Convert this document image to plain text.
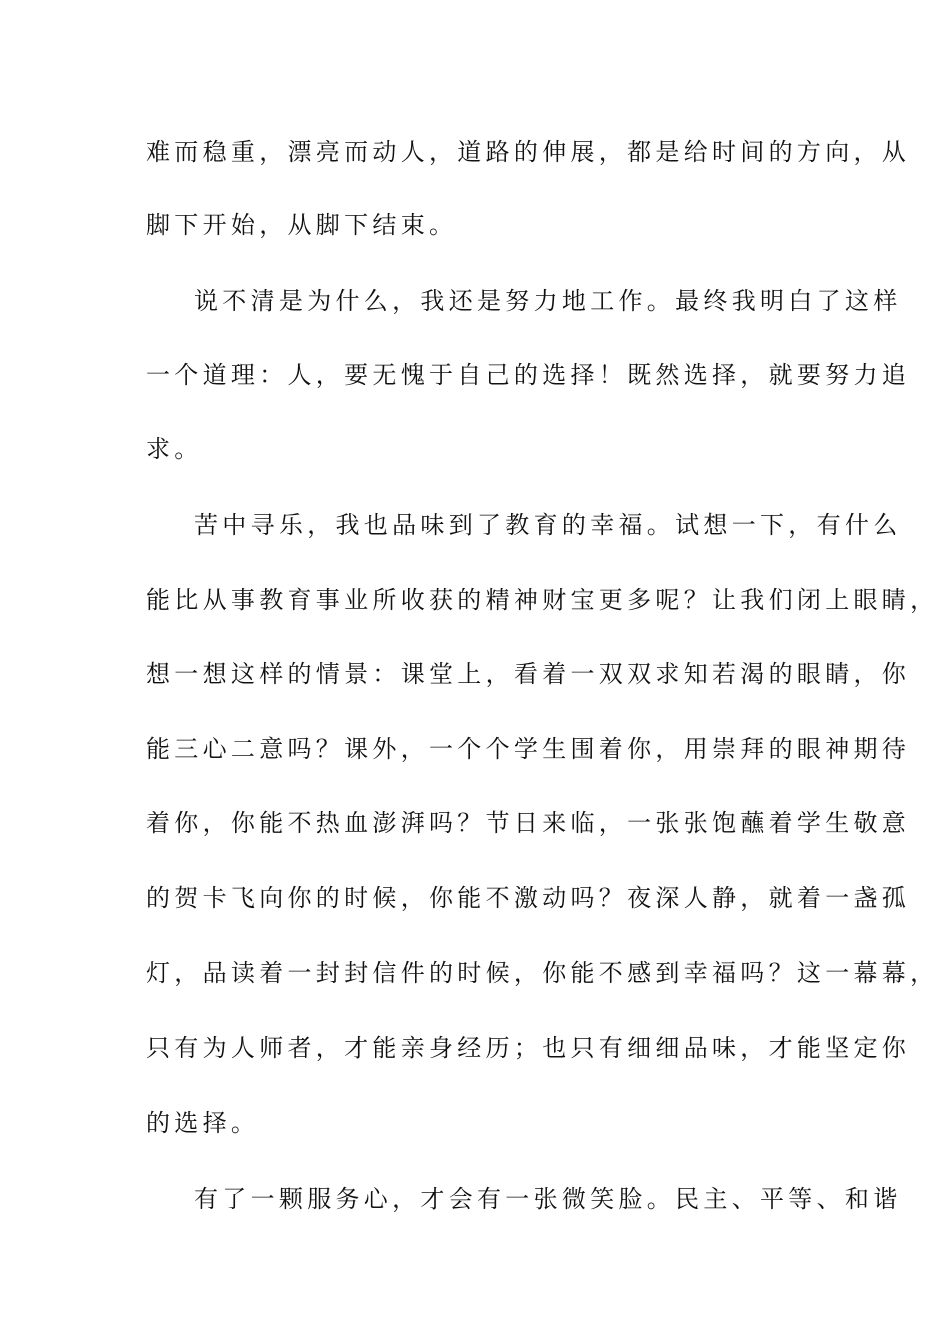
难而稳重，漂亮而动人，道路的伸展，都是给时间的方向，从
脚下开始，从脚下结束。
说不清是为什么，我还是努力地工作。最终我明白了这样
一个道理：人，要无愧于自己的选择！既然选择，就要努力追
求。
苦中寻乐，我也品味到了教育的幸福。试想一下，有什么
能比从事教育事业所收获的精神财宝更多呢？让我们闭上眼睛，
想一想这样的情景：课堂上，看着一双双求知若渴的眼睛，你
能三心二意吗？课外，一个个学生围着你，用崇拜的眼神期待
着你，你能不热血澎湃吗？节日来临，一张张饱蘸着学生敬意
的贺卡飞向你的时候，你能不激动吗？夜深人静，就着一盏孤
灯，品读着一封封信件的时候，你能不感到幸福吗？这一幕幕，
只有为人师者，才能亲身经历；也只有细细品味，才能坚定你
的选择。
有了一颗服务心，才会有一张微笑脸。民主、平等、和谐
